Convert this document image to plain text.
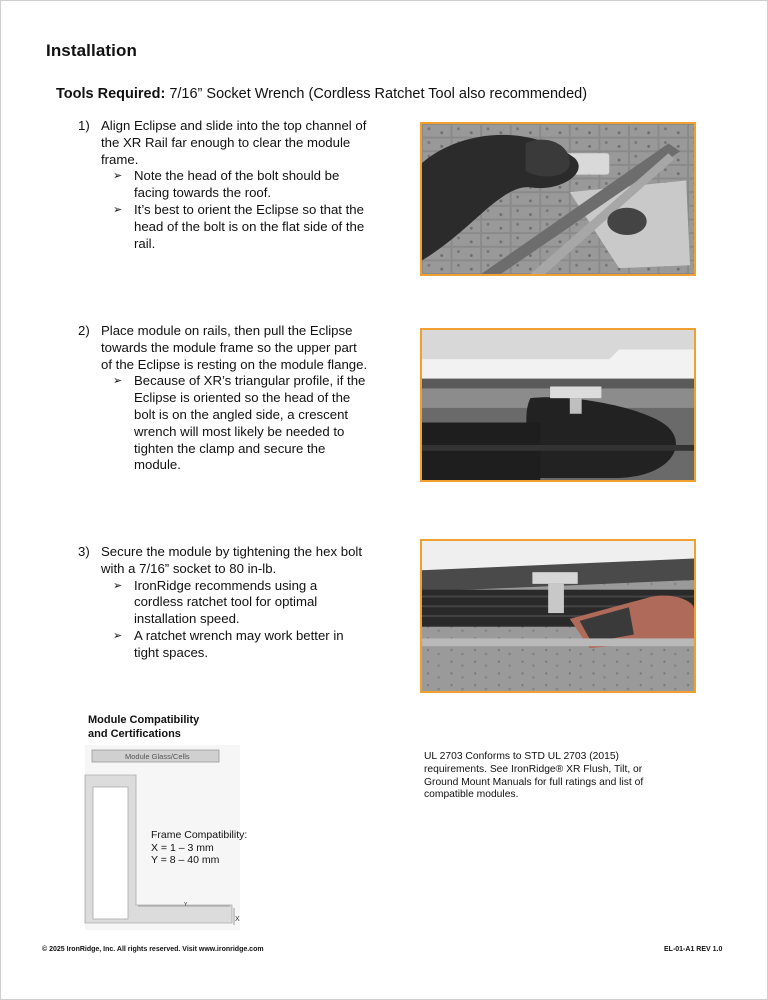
Installation
Tools Required: 7/16” Socket Wrench (Cordless Ratchet Tool also recommended)
1) Align Eclipse and slide into the top channel of the XR Rail far enough to clear the module frame.
➢ Note the head of the bolt should be facing towards the roof.
➢ It’s best to orient the Eclipse so that the head of the bolt is on the flat side of the rail.
2) Place module on rails, then pull the Eclipse towards the module frame so the upper part of the Eclipse is resting on the module flange.
➢ Because of XR’s triangular profile, if the Eclipse is oriented so the head of the bolt is on the angled side, a crescent wrench will most likely be needed to tighten the clamp and secure the module.
3) Secure the module by tightening the hex bolt with a 7/16” socket to 80 in-lb.
➢ IronRidge recommends using a cordless ratchet tool for optimal installation speed.
➢ A ratchet wrench may work better in tight spaces.
Module Compatibility
and Certifications
Y
X
Module Glass/Cells
Frame Compatibility:
X = 1 – 3 mm
Y = 8 – 40 mm
UL 2703 Conforms to STD UL 2703 (2015) requirements. See IronRidge® XR Flush, Tilt, or Ground Mount Manuals for full ratings and list of compatible modules.
© 2025 IronRidge, Inc. All rights reserved. Visit www.ironridge.com	EL-01-A1 REV 1.0
